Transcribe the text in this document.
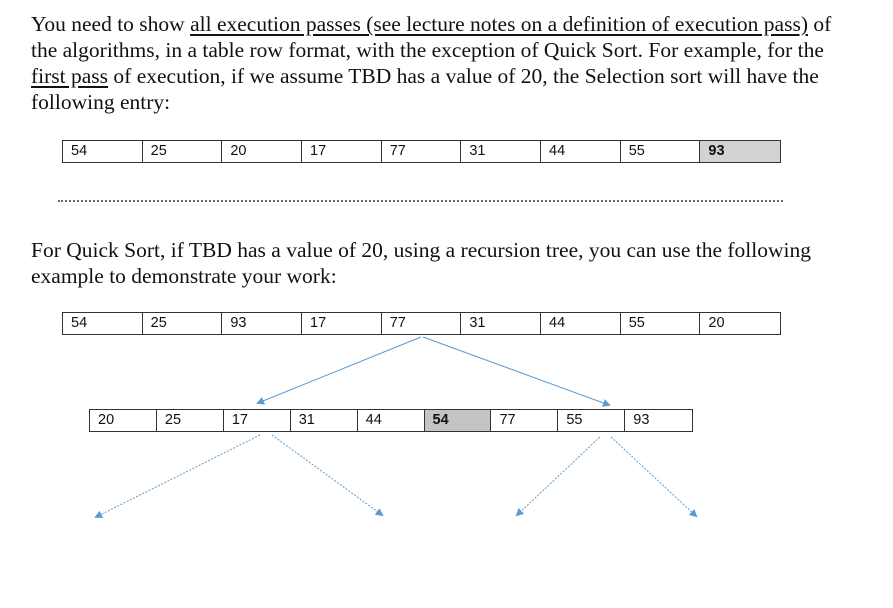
You need to show all execution passes (see lecture notes on a definition of execution pass) of the algorithms, in a table row format, with the exception of Quick Sort. For example, for the first pass of execution, if we assume TBD has a value of 20, the Selection sort will have the following entry:

54	25	20	17	77	31	44	55	93

For Quick Sort, if TBD has a value of 20, using a recursion tree, you can use the following example to demonstrate your work:

54	25	93	17	77	31	44	55	20
20	25	17	31	44	54	77	55	93
